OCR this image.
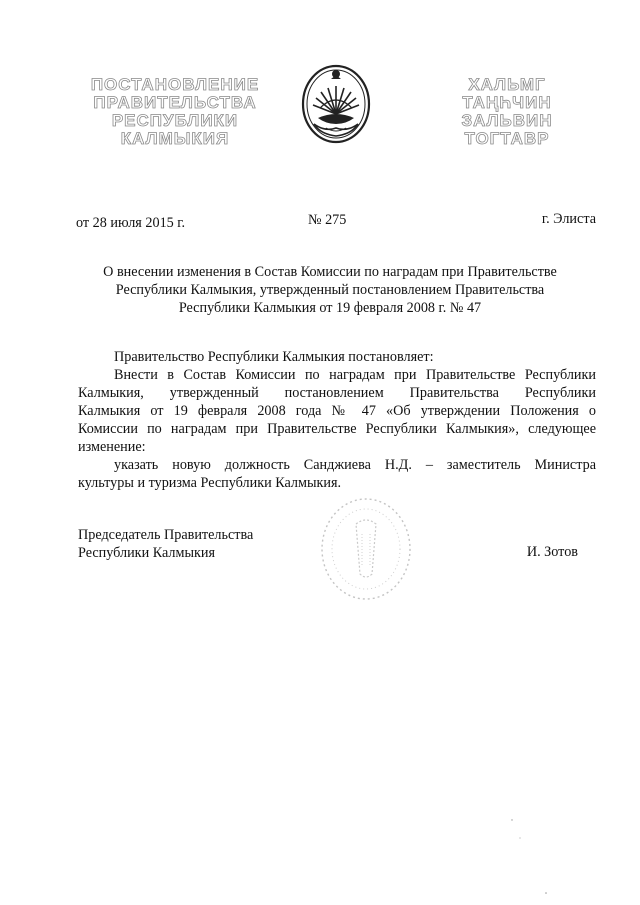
ПОСТАНОВЛЕНИЕ
ПРАВИТЕЛЬСТВА
РЕСПУБЛИКИ
КАЛМЫКИЯ
ХАЛЬМГ
ТАҢҺЧИН
ЗАЛЬВИН
ТОГТАВР
от 28 июля 2015 г.	№ 275	г. Элиста
О внесении изменения в Состав Комиссии по наградам при Правительстве
Республики Калмыкия, утвержденный постановлением Правительства
Республики Калмыкия от 19 февраля 2008 г. № 47
Правительство Республики Калмыкия постановляет:
Внести в Состав Комиссии по наградам при Правительстве Республики
Калмыкия, утвержденный постановлением Правительства Республики
Калмыкия от 19 февраля 2008 года № 47 «Об утверждении Положения о
Комиссии по наградам при Правительстве Республики Калмыкия», следующее
изменение:
указать новую должность Санджиева Н.Д. – заместитель Министра
культуры и туризма Республики Калмыкия.
Председатель Правительства
Республики Калмыкия	И. Зотов
